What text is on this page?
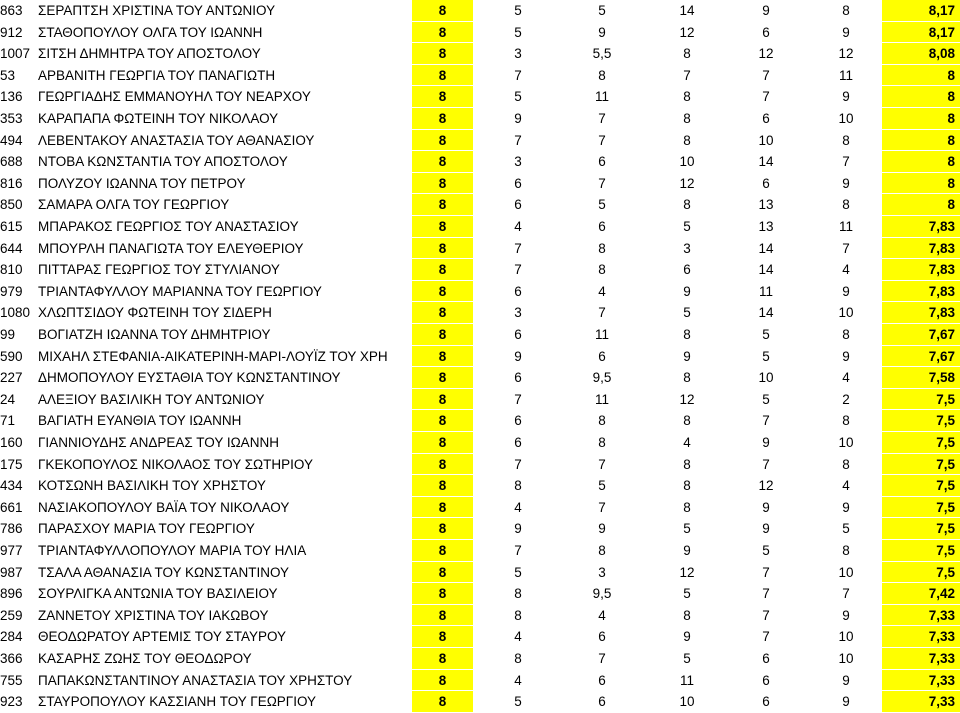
863	ΣΕΡΑΠΤΣΗ ΧΡΙΣΤΙΝΑ ΤΟΥ ΑΝΤΩΝΙΟΥ	8	5	5	14	9	8	8,17
912	ΣΤΑΘΟΠΟΥΛΟΥ ΟΛΓΑ ΤΟΥ ΙΩΑΝΝΗ	8	5	9	12	6	9	8,17
1007 ΣΙΤΣΗ ΔΗΜΗΤΡΑ ΤΟΥ ΑΠΟΣΤΟΛΟΥ	8	3	5,5	8	12	12	8,08
53	ΑΡΒΑΝΙΤΗ ΓΕΩΡΓΙΑ ΤΟΥ ΠΑΝΑΓΙΩΤΗ	8	7	8	7	7	11	8
136	ΓΕΩΡΓΙΑΔΗΣ ΕΜΜΑΝΟΥΗΛ ΤΟΥ ΝΕΑΡΧΟΥ	8	5	11	8	7	9	8
353	ΚΑΡΑΠΑΠΑ ΦΩΤΕΙΝΗ ΤΟΥ ΝΙΚΟΛΑΟΥ	8	9	7	8	6	10	8
494	ΛΕΒΕΝΤΑΚΟΥ ΑΝΑΣΤΑΣΙΑ ΤΟΥ ΑΘΑΝΑΣΙΟΥ	8	7	7	8	10	8	8
688	ΝΤΟΒΑ ΚΩΝΣΤΑΝΤΙΑ ΤΟΥ ΑΠΟΣΤΟΛΟΥ	8	3	6	10	14	7	8
816	ΠΟΛΥΖΟΥ ΙΩΑΝΝΑ ΤΟΥ ΠΕΤΡΟΥ	8	6	7	12	6	9	8
850	ΣΑΜΑΡΑ ΟΛΓΑ ΤΟΥ ΓΕΩΡΓΙΟΥ	8	6	5	8	13	8	8
615	ΜΠΑΡΑΚΟΣ ΓΕΩΡΓΙΟΣ ΤΟΥ ΑΝΑΣΤΑΣΙΟΥ	8	4	6	5	13	11	7,83
644	ΜΠΟΥΡΛΗ ΠΑΝΑΓΙΩΤΑ ΤΟΥ ΕΛΕΥΘΕΡΙΟΥ	8	7	8	3	14	7	7,83
810	ΠΙΤΤΑΡΑΣ ΓΕΩΡΓΙΟΣ ΤΟΥ ΣΤΥΛΙΑΝΟΥ	8	7	8	6	14	4	7,83
979	ΤΡΙΑΝΤΑΦΥΛΛΟΥ ΜΑΡΙΑΝΝΑ ΤΟΥ ΓΕΩΡΓΙΟΥ	8	6	4	9	11	9	7,83
1080 ΧΛΩΠΤΣΙΔΟΥ ΦΩΤΕΙΝΗ ΤΟΥ ΣΙΔΕΡΗ	8	3	7	5	14	10	7,83
99	ΒΟΓΙΑΤΖΗ ΙΩΑΝΝΑ ΤΟΥ ΔΗΜΗΤΡΙΟΥ	8	6	11	8	5	8	7,67
590	ΜΙΧΑΗΛ ΣΤΕΦΑΝΙΑ-ΑΙΚΑΤΕΡΙΝΗ-ΜΑΡΙ-ΛΟΥΪΖ ΤΟΥ ΧΡΗ	8	9	6	9	5	9	7,67
227	ΔΗΜΟΠΟΥΛΟΥ ΕΥΣΤΑΘΙΑ ΤΟΥ ΚΩΝΣΤΑΝΤΙΝΟΥ	8	6	9,5	8	10	4	7,58
24	ΑΛΕΞΙΟΥ ΒΑΣΙΛΙΚΗ ΤΟΥ ΑΝΤΩΝΙΟΥ	8	7	11	12	5	2	7,5
71	ΒΑΓΙΑΤΗ ΕΥΑΝΘΙΑ ΤΟΥ ΙΩΑΝΝΗ	8	6	8	8	7	8	7,5
160	ΓΙΑΝΝΙΟΥΔΗΣ ΑΝΔΡΕΑΣ ΤΟΥ ΙΩΑΝΝΗ	8	6	8	4	9	10	7,5
175	ΓΚΕΚΟΠΟΥΛΟΣ ΝΙΚΟΛΑΟΣ ΤΟΥ ΣΩΤΗΡΙΟΥ	8	7	7	8	7	8	7,5
434	ΚΟΤΣΩΝΗ ΒΑΣΙΛΙΚΗ ΤΟΥ ΧΡΗΣΤΟΥ	8	8	5	8	12	4	7,5
661	ΝΑΣΙΑΚΟΠΟΥΛΟΥ ΒΑΪΑ ΤΟΥ ΝΙΚΟΛΑΟΥ	8	4	7	8	9	9	7,5
786	ΠΑΡΑΣΧΟΥ ΜΑΡΙΑ ΤΟΥ ΓΕΩΡΓΙΟΥ	8	9	9	5	9	5	7,5
977	ΤΡΙΑΝΤΑΦΥΛΛΟΠΟΥΛΟΥ ΜΑΡΙΑ ΤΟΥ ΗΛΙΑ	8	7	8	9	5	8	7,5
987	ΤΣΑΛΑ ΑΘΑΝΑΣΙΑ ΤΟΥ ΚΩΝΣΤΑΝΤΙΝΟΥ	8	5	3	12	7	10	7,5
896	ΣΟΥΡΛΙΓΚΑ ΑΝΤΩΝΙΑ ΤΟΥ ΒΑΣΙΛΕΙΟΥ	8	8	9,5	5	7	7	7,42
259	ΖΑΝΝΕΤΟΥ ΧΡΙΣΤΙΝΑ ΤΟΥ ΙΑΚΩΒΟΥ	8	8	4	8	7	9	7,33
284	ΘΕΟΔΩΡΑΤΟΥ ΑΡΤΕΜΙΣ ΤΟΥ ΣΤΑΥΡΟΥ	8	4	6	9	7	10	7,33
366	ΚΑΣΑΡΗΣ ΖΩΗΣ ΤΟΥ ΘΕΟΔΩΡΟΥ	8	8	7	5	6	10	7,33
755	ΠΑΠΑΚΩΝΣΤΑΝΤΙΝΟΥ ΑΝΑΣΤΑΣΙΑ ΤΟΥ ΧΡΗΣΤΟΥ	8	4	6	11	6	9	7,33
923	ΣΤΑΥΡΟΠΟΥΛΟΥ ΚΑΣΣΙΑΝΗ ΤΟΥ ΓΕΩΡΓΙΟΥ	8	5	6	10	6	9	7,33
